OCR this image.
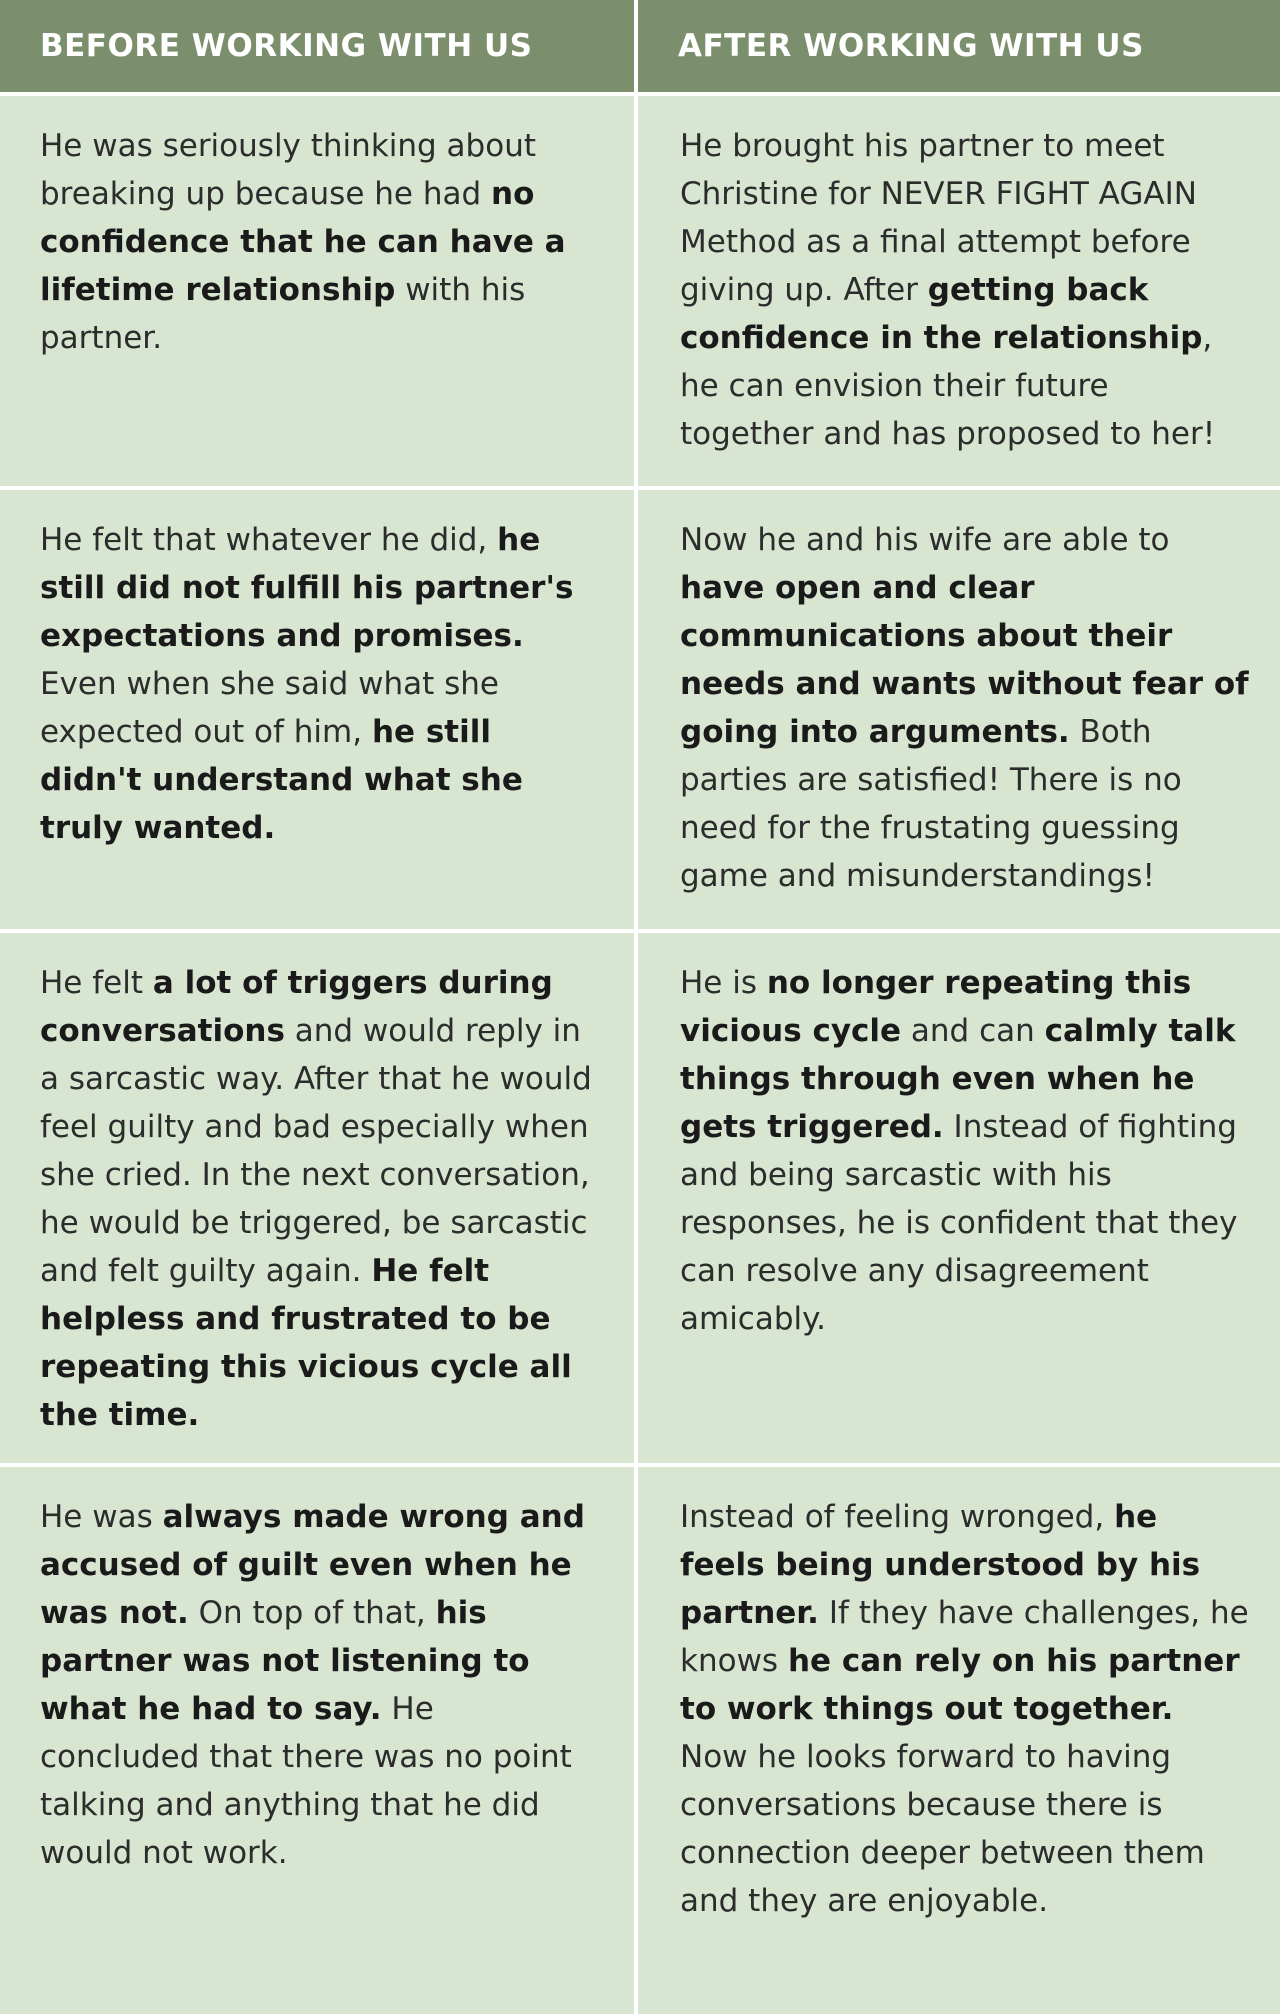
BEFORE WORKING WITH US	AFTER WORKING WITH US
He was seriously thinking about breaking up because he had no confidence that he can have a lifetime relationship with his partner.
He brought his partner to meet Christine for NEVER FIGHT AGAIN Method as a final attempt before giving up. After getting back confidence in the relationship, he can envision their future together and has proposed to her!
He felt that whatever he did, he still did not fulfill his partner's expectations and promises. Even when she said what she expected out of him, he still didn't understand what she truly wanted.
Now he and his wife are able to have open and clear communications about their needs and wants without fear of going into arguments. Both parties are satisfied! There is no need for the frustating guessing game and misunderstandings!
He felt a lot of triggers during conversations and would reply in a sarcastic way. After that he would feel guilty and bad especially when she cried. In the next conversation, he would be triggered, be sarcastic and felt guilty again. He felt helpless and frustrated to be repeating this vicious cycle all the time.
He is no longer repeating this vicious cycle and can calmly talk things through even when he gets triggered. Instead of fighting and being sarcastic with his responses, he is confident that they can resolve any disagreement amicably.
He was always made wrong and accused of guilt even when he was not. On top of that, his partner was not listening to what he had to say. He concluded that there was no point talking and anything that he did would not work.
Instead of feeling wronged, he feels being understood by his partner. If they have challenges, he knows he can rely on his partner to work things out together. Now he looks forward to having conversations because there is connection deeper between them and they are enjoyable.
